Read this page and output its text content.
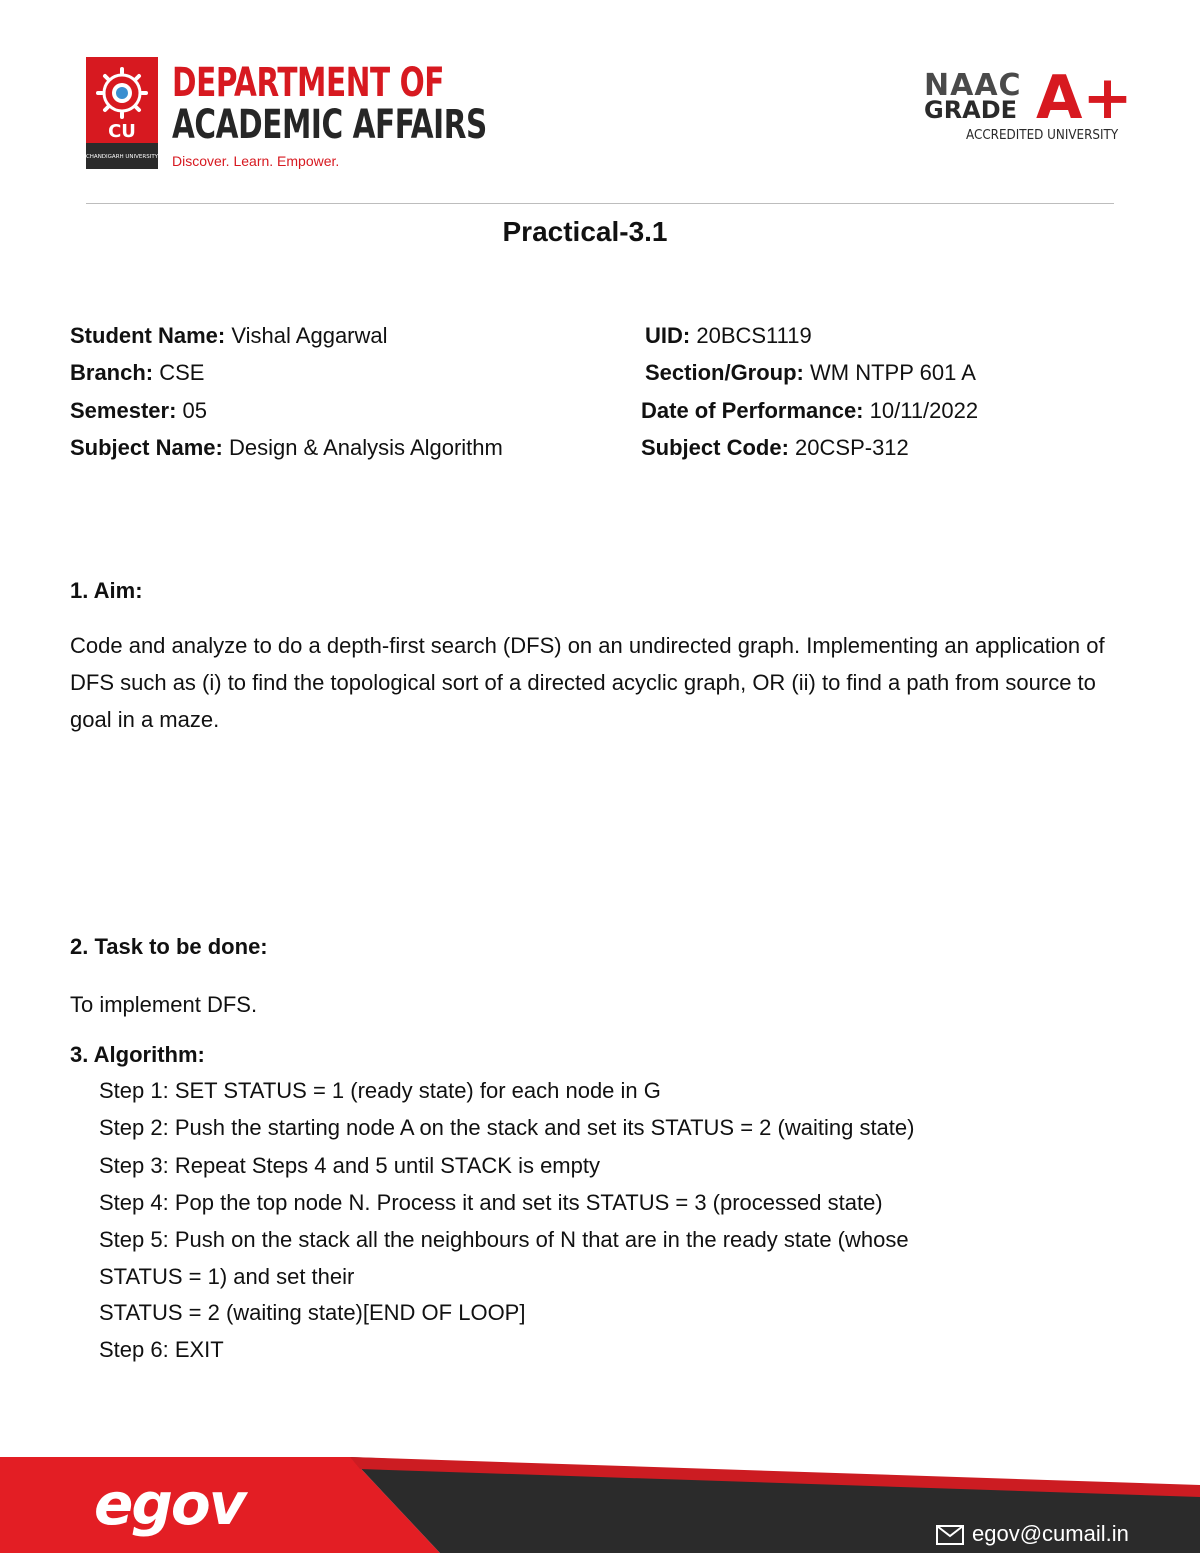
CU
CHANDIGARH UNIVERSITY
DEPARTMENT OF
ACADEMIC AFFAIRS
Discover. Learn. Empower.
NAAC
GRADE A+
ACCREDITED UNIVERSITY
Practical-3.1
Student Name: Vishal Aggarwal	UID: 20BCS1119
Branch: CSE	Section/Group: WM NTPP 601 A
Semester: 05	Date of Performance: 10/11/2022
Subject Name: Design & Analysis Algorithm	Subject Code: 20CSP-312
1. Aim:
Code and analyze to do a depth-first search (DFS) on an undirected graph. Implementing an application of DFS such as (i) to find the topological sort of a directed acyclic graph, OR (ii) to find a path from source to goal in a maze.
2. Task to be done:
To implement DFS.
3. Algorithm:
Step 1: SET STATUS = 1 (ready state) for each node in G
Step 2: Push the starting node A on the stack and set its STATUS = 2 (waiting state)
Step 3: Repeat Steps 4 and 5 until STACK is empty
Step 4: Pop the top node N. Process it and set its STATUS = 3 (processed state)
Step 5: Push on the stack all the neighbours of N that are in the ready state (whose
STATUS = 1) and set their
STATUS = 2 (waiting state)[END OF LOOP]
Step 6: EXIT
egov	egov@cumail.in
